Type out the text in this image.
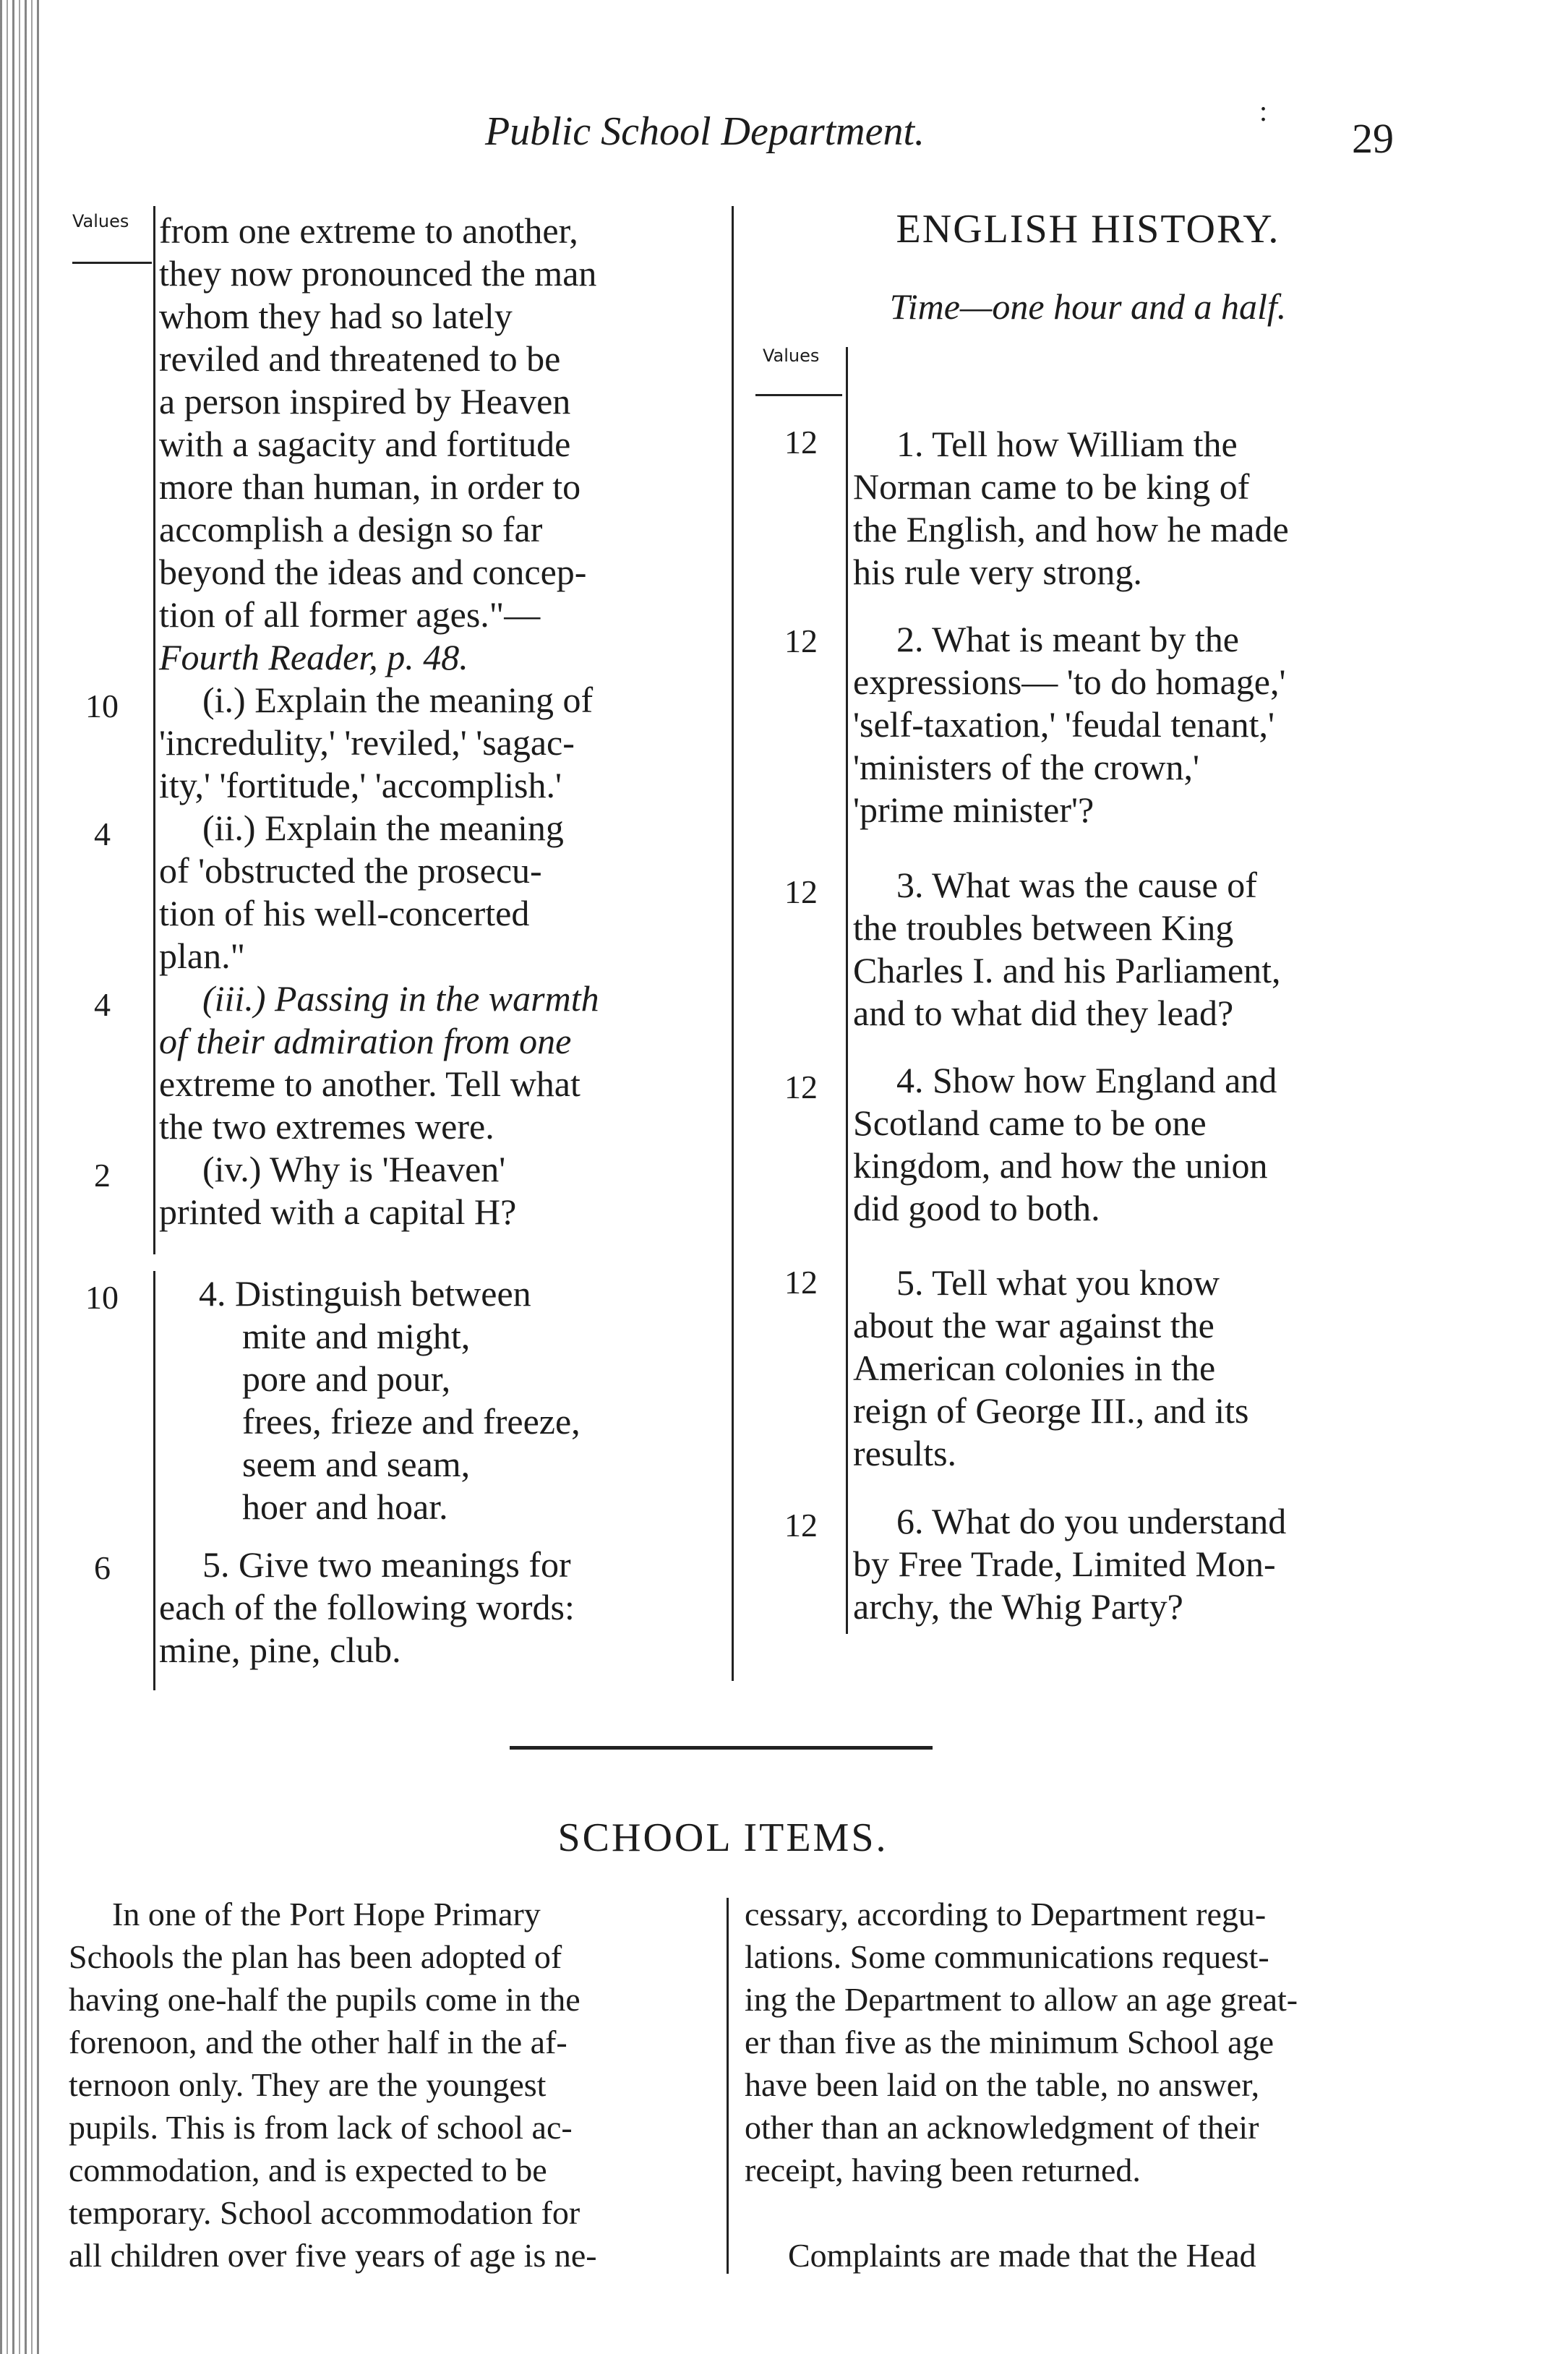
Public School Department.	:
29
Values from one extreme to another,
they now pronounced the man
whom they had so lately
reviled and threatened to be
a person inspired by Heaven
with a sagacity and fortitude
more than human, in order to
accomplish a design so far
beyond the ideas and concep-
tion of all former ages."—
Fourth Reader, p. 48.
(i.) Explain the meaning of
'incredulity,' 'reviled,' 'sagac-
ity,' 'fortitude,' 'accomplish.'
(ii.) Explain the meaning
of 'obstructed the prosecu-
tion of his well-concerted
plan."
(iii.) Passing in the warmth
of their admiration from one
extreme to another. Tell what
the two extremes were.
(iv.) Why is 'Heaven'
printed with a capital H?
10
4
4
2
10
6
4. Distinguish between
mite and might,
pore and pour,
frees, frieze and freeze,
seem and seam,
hoer and hoar.
5. Give two meanings for
each of the following words:
mine, pine, club.
ENGLISH HISTORY.
Time—one hour and a half.
Values
12
12
12
12
12
12
1. Tell how William the
Norman came to be king of
the English, and how he made
his rule very strong.
2. What is meant by the
expressions— 'to do homage,'
'self-taxation,' 'feudal tenant,'
'ministers of the crown,'
'prime minister'?
3. What was the cause of
the troubles between King
Charles I. and his Parliament,
and to what did they lead?
4. Show how England and
Scotland came to be one
kingdom, and how the union
did good to both.
5. Tell what you know
about the war against the
American colonies in the
reign of George III., and its
results.
6. What do you understand
by Free Trade, Limited Mon-
archy, the Whig Party?
SCHOOL ITEMS.
In one of the Port Hope Primary
Schools the plan has been adopted of
having one-half the pupils come in the
forenoon, and the other half in the af-
ternoon only. They are the youngest
pupils. This is from lack of school ac-
commodation, and is expected to be
temporary. School accommodation for
all children over five years of age is ne-
cessary, according to Department regu-
lations. Some communications request-
ing the Department to allow an age great-
er than five as the minimum School age
have been laid on the table, no answer,
other than an acknowledgment of their
receipt, having been returned.
Complaints are made that the Head
